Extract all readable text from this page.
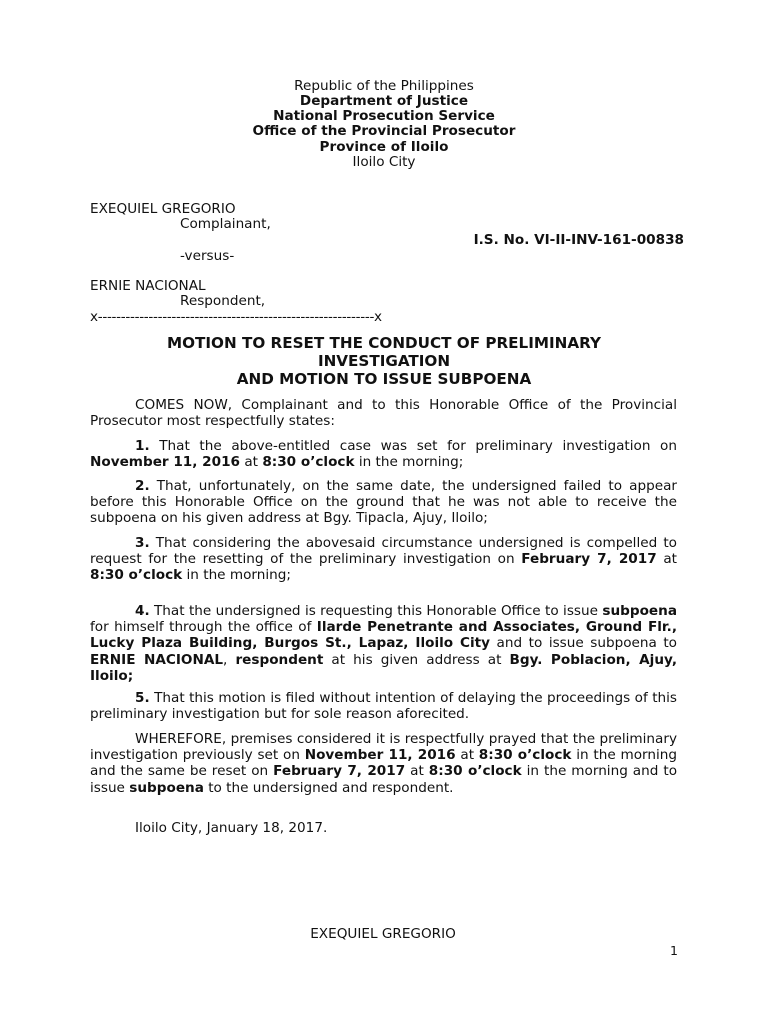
Republic of the Philippines
Department of Justice
National Prosecution Service
Office of the Provincial Prosecutor
Province of Iloilo
Iloilo City
EXEQUIEL GREGORIO
Complainant,
I.S. No. VI-II-INV-161-00838
-versus-
ERNIE NACIONAL
Respondent,
x------------------------------------------------------------x
MOTION TO RESET THE CONDUCT OF PRELIMINARY
INVESTIGATION
AND MOTION TO ISSUE SUBPOENA

COMES NOW, Complainant and to this Honorable Office of the Provincial Prosecutor most respectfully states:

1. That the above-entitled case was set for preliminary investigation on November 11, 2016 at 8:30 o’clock in the morning;

2. That, unfortunately, on the same date, the undersigned failed to appear before this Honorable Office on the ground that he was not able to receive the subpoena on his given address at Bgy. Tipacla, Ajuy, Iloilo;

3. That considering the abovesaid circumstance undersigned is compelled to request for the resetting of the preliminary investigation on February 7, 2017 at 8:30 o’clock in the morning;

4. That the undersigned is requesting this Honorable Office to issue subpoena for himself through the office of Ilarde Penetrante and Associates, Ground Flr., Lucky Plaza Building, Burgos St., Lapaz, Iloilo City and to issue subpoena to ERNIE NACIONAL, respondent at his given address at Bgy. Poblacion, Ajuy, Iloilo;

5. That this motion is filed without intention of delaying the proceedings of this preliminary investigation but for sole reason aforecited.

WHEREFORE, premises considered it is respectfully prayed that the preliminary investigation previously set on November 11, 2016 at 8:30 o’clock in the morning and the same be reset on February 7, 2017 at 8:30 o’clock in the morning and to issue subpoena to the undersigned and respondent.

Iloilo City, January 18, 2017.
EXEQUIEL GREGORIO
1
